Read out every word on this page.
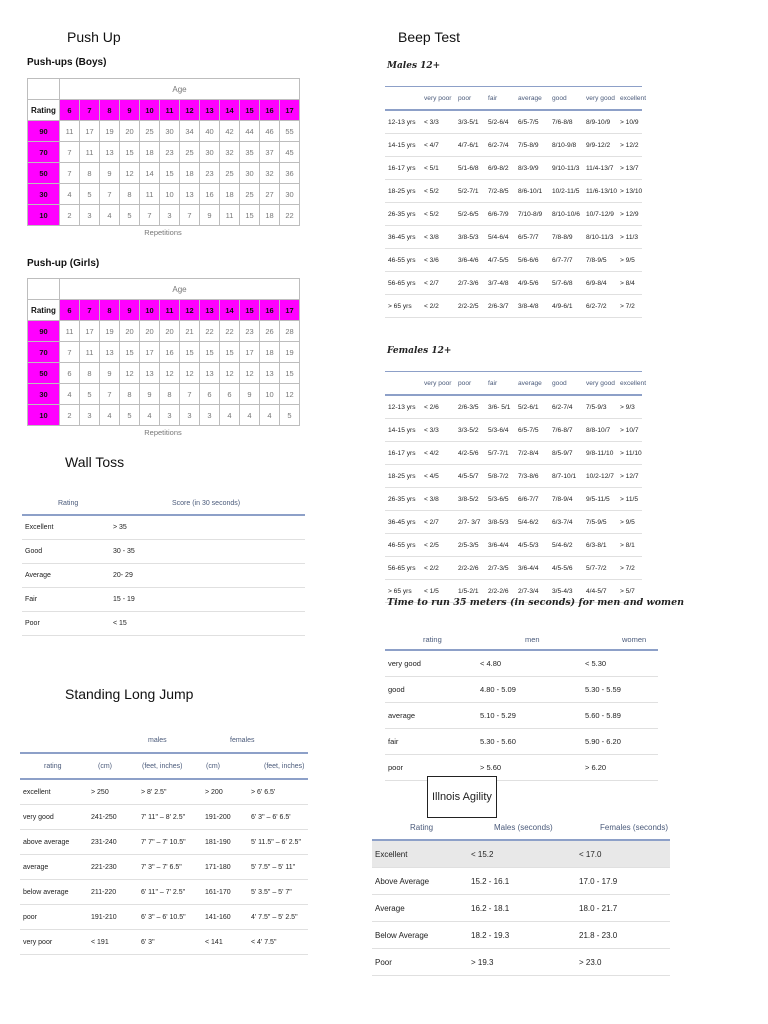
Push Up
Push-ups (Boys)
	Age											
Rating	6	7	8	9	10	11	12	13	14	15	16	17
90	11	17	19	20	25	30	34	40	42	44	46	55
70	7	11	13	15	18	23	25	30	32	35	37	45
50	7	8	9	12	14	15	18	23	25	30	32	36
30	4	5	7	8	11	10	13	16	18	25	27	30
10	2	3	4	5	7	3	7	9	11	15	18	22
Repetitions
Push-up (Girls)
	Age											
Rating	6	7	8	9	10	11	12	13	14	15	16	17
90	11	17	19	20	20	20	21	22	22	23	26	28
70	7	11	13	15	17	16	15	15	15	17	18	19
50	6	8	9	12	13	12	12	13	12	12	13	15
30	4	5	7	8	9	8	7	6	6	9	10	12
10	2	3	4	5	4	3	3	3	4	4	4	5
Repetitions
Wall Toss
Rating	Score (in 30 seconds)
Excellent	> 35
Good	30 - 35
Average	20- 29
Fair	15 - 19
Poor	< 15
Standing Long Jump
	males		females	
rating	(cm)	(feet, inches)	(cm)	(feet, inches)
excellent	> 250	> 8' 2.5"	> 200	> 6' 6.5'
very good	241-250	7' 11" – 8' 2.5"	191-200	6' 3" – 6' 6.5'
above average	231-240	7' 7" – 7' 10.5"	181-190	5' 11.5" – 6' 2.5"
average	221-230	7' 3" – 7' 6.5"	171-180	5' 7.5" – 5' 11"
below average	211-220	6' 11" – 7' 2.5"	161-170	5' 3.5" – 5' 7"
poor	191-210	6' 3" – 6' 10.5"	141-160	4' 7.5" – 5' 2.5"
very poor	< 191	6' 3"	< 141	< 4' 7.5"
Beep Test
Males 12+
	very poor	poor	fair	average	good	very good	excellent
12-13 yrs	< 3/3	3/3-5/1	5/2-6/4	6/5-7/5	7/6-8/8	8/9-10/9	> 10/9
14-15 yrs	< 4/7	4/7-6/1	6/2-7/4	7/5-8/9	8/10-9/8	9/9-12/2	> 12/2
16-17 yrs	< 5/1	5/1-6/8	6/9-8/2	8/3-9/9	9/10-11/3	11/4-13/7	> 13/7
18-25 yrs	< 5/2	5/2-7/1	7/2-8/5	8/6-10/1	10/2-11/5	11/6-13/10	> 13/10
26-35 yrs	< 5/2	5/2-6/5	6/6-7/9	7/10-8/9	8/10-10/6	10/7-12/9	> 12/9
36-45 yrs	< 3/8	3/8-5/3	5/4-6/4	6/5-7/7	7/8-8/9	8/10-11/3	> 11/3
46-55 yrs	< 3/6	3/6-4/6	4/7-5/5	5/6-6/6	6/7-7/7	7/8-9/5	> 9/5
56-65 yrs	< 2/7	2/7-3/6	3/7-4/8	4/9-5/6	5/7-6/8	6/9-8/4	> 8/4
> 65 yrs	< 2/2	2/2-2/5	2/6-3/7	3/8-4/8	4/9-6/1	6/2-7/2	> 7/2
Females 12+
	very poor	poor	fair	average	good	very good	excellent
12-13 yrs	< 2/6	2/6-3/5	3/6- 5/1	5/2-6/1	6/2-7/4	7/5-9/3	> 9/3
14-15 yrs	< 3/3	3/3-5/2	5/3-6/4	6/5-7/5	7/6-8/7	8/8-10/7	> 10/7
16-17 yrs	< 4/2	4/2-5/6	5/7-7/1	7/2-8/4	8/5-9/7	9/8-11/10	> 11/10
18-25 yrs	< 4/5	4/5-5/7	5/8-7/2	7/3-8/6	8/7-10/1	10/2-12/7	> 12/7
26-35 yrs	< 3/8	3/8-5/2	5/3-6/5	6/6-7/7	7/8-9/4	9/5-11/5	> 11/5
36-45 yrs	< 2/7	2/7- 3/7	3/8-5/3	5/4-6/2	6/3-7/4	7/5-9/5	> 9/5
46-55 yrs	< 2/5	2/5-3/5	3/6-4/4	4/5-5/3	5/4-6/2	6/3-8/1	> 8/1
56-65 yrs	< 2/2	2/2-2/6	2/7-3/5	3/6-4/4	4/5-5/6	5/7-7/2	> 7/2
> 65 yrs	< 1/5	1/5-2/1	2/2-2/6	2/7-3/4	3/5-4/3	4/4-5/7	> 5/7
Time to run 35 meters (in seconds) for men and women
rating	men	women
very good	< 4.80	< 5.30
good	4.80 - 5.09	5.30 - 5.59
average	5.10 - 5.29	5.60 - 5.89
fair	5.30 - 5.60	5.90 - 6.20
poor	> 5.60	> 6.20
Illnois Agility
Rating	Males (seconds)	Females (seconds)
Excellent	< 15.2	< 17.0
Above Average	15.2 - 16.1	17.0 - 17.9
Average	16.2 - 18.1	18.0 - 21.7
Below Average	18.2 - 19.3	21.8 - 23.0
Poor	> 19.3	> 23.0
